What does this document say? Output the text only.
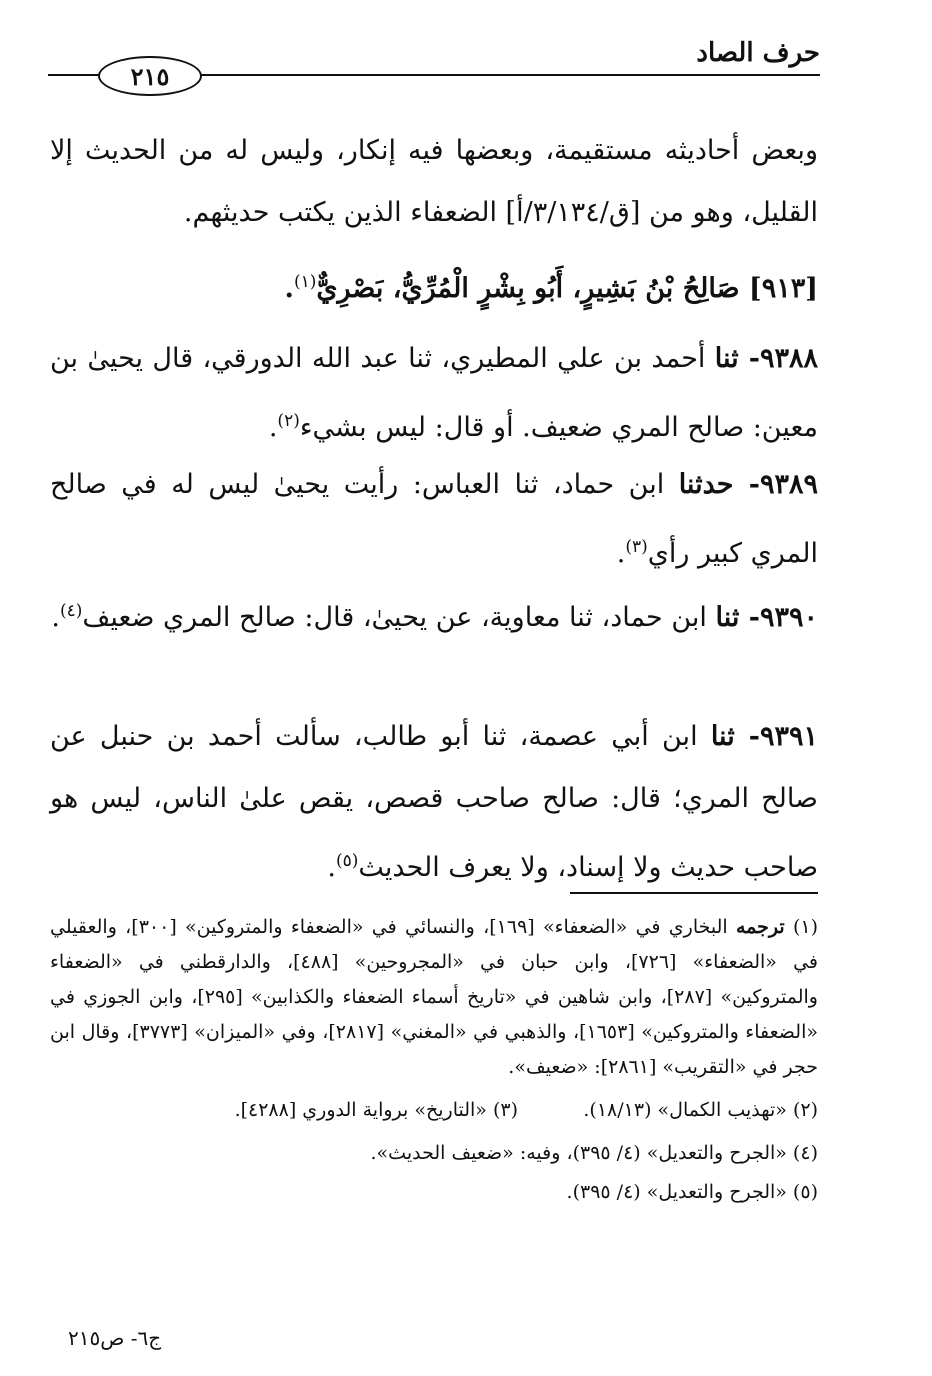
حرف الصاد
٢١٥
وبعض أحاديثه مستقيمة، وبعضها فيه إنكار، وليس له من الحديث إلا القليل، وهو من [ق/٣/١٣٤/أ] الضعفاء الذين يكتب حديثهم.
[٩١٣] صَالِحُ بْنُ بَشِيرٍ، أَبُو بِشْرٍ الْمُرِّيُّ، بَصْرِيٌّ$^{(١)}$.
٩٣٨٨- ثنا أحمد بن علي المطيري، ثنا عبد الله الدورقي، قال يحيىٰ بن معين: صالح المري ضعيف. أو قال: ليس بشيء$^{(٢)}$.
٩٣٨٩- حدثنا ابن حماد، ثنا العباس: رأيت يحيىٰ ليس له في صالح المري كبير رأي$^{(٣)}$.
٩٣٩٠- ثنا ابن حماد، ثنا معاوية، عن يحيىٰ، قال: صالح المري ضعيف$^{(٤)}$.
٩٣٩١- ثنا ابن أبي عصمة، ثنا أبو طالب، سألت أحمد بن حنبل عن صالح المري؛ قال: صالح صاحب قصص، يقص علىٰ الناس، ليس هو صاحب حديث ولا إسناد، ولا يعرف الحديث$^{(٥)}$.
(١) ترجمه البخاري في «الضعفاء» [١٦٩]، والنسائي في «الضعفاء والمتروكين» [٣٠٠]، والعقيلي في «الضعفاء» [٧٢٦]، وابن حبان في «المجروحين» [٤٨٨]، والدارقطني في «الضعفاء والمتروكين» [٢٨٧]، وابن شاهين في «تاريخ أسماء الضعفاء والكذابين» [٢٩٥]، وابن الجوزي في «الضعفاء والمتروكين» [١٦٥٣]، والذهبي في «المغني» [٢٨١٧]، وفي «الميزان» [٣٧٧٣]، وقال ابن حجر في «التقريب» [٢٨٦١]: «ضعيف».
(٢) «تهذيب الكمال» (١٨/١٣).
(٣) «التاريخ» برواية الدوري [٤٢٨٨].
(٤) «الجرح والتعديل» (٤/ ٣٩٥)، وفيه: «ضعيف الحديث».
(٥) «الجرح والتعديل» (٤/ ٣٩٥).
ج٦- ص٢١٥
